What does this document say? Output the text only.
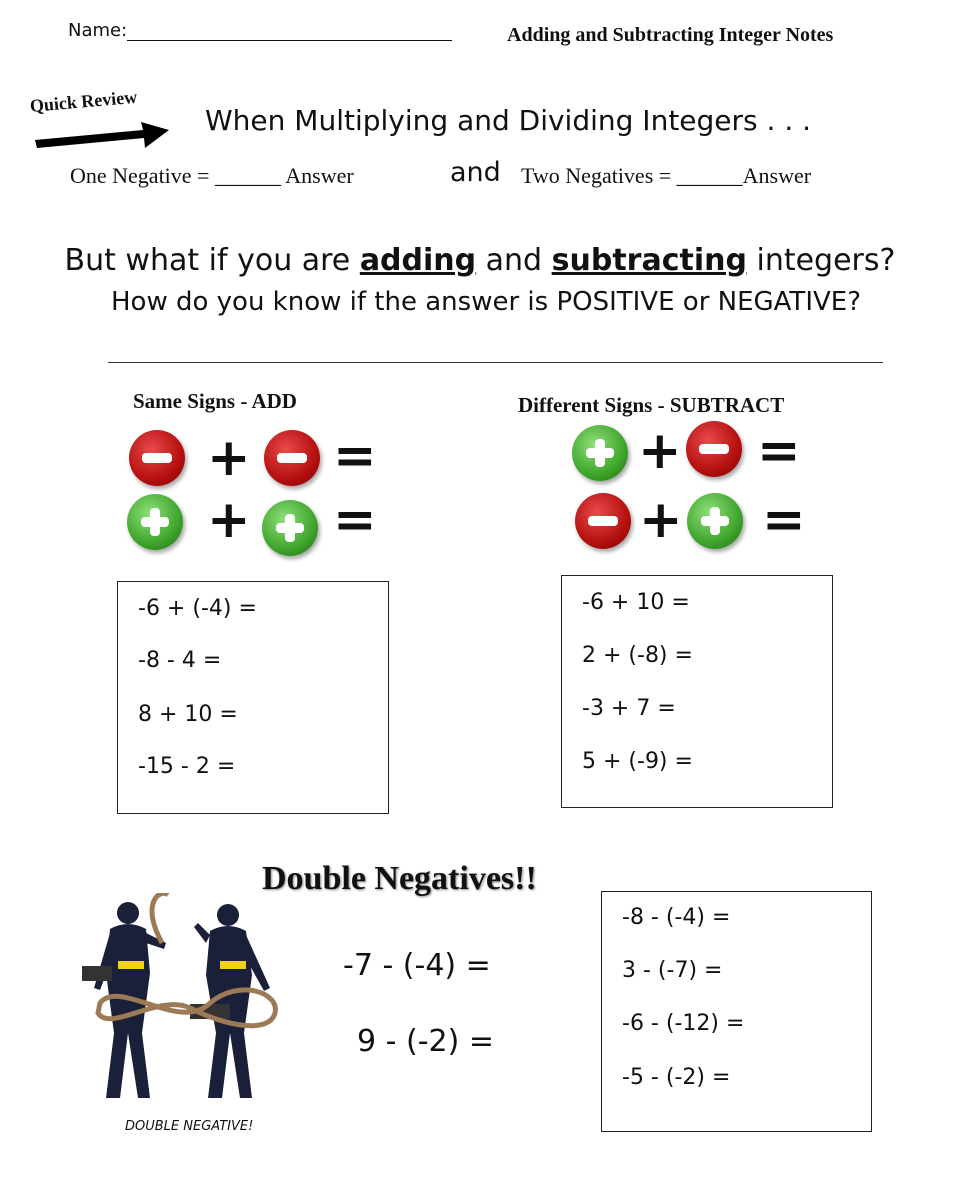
Name:	Adding and Subtracting Integer Notes
Quick Review
When Multiplying and Dividing Integers . . .
One Negative = ______ Answer	and Two Negatives = ______Answer
But what if you are adding and subtracting integers?
How do you know if the answer is POSITIVE or NEGATIVE?
Same Signs - ADD
+ =
+ =
-6 + (-4) =
-8 - 4 =
8 + 10 =
-15 - 2 =
Different Signs - SUBTRACT
+ =
+ =
-6 + 10 =
2 + (-8) =
-3 + 7 =
5 + (-9) =
Double Negatives!!
DOUBLE NEGATIVE!
-7 - (-4) =
9 - (-2) =
-8 - (-4) =
3 - (-7) =
-6 - (-12) =
-5 - (-2) =
